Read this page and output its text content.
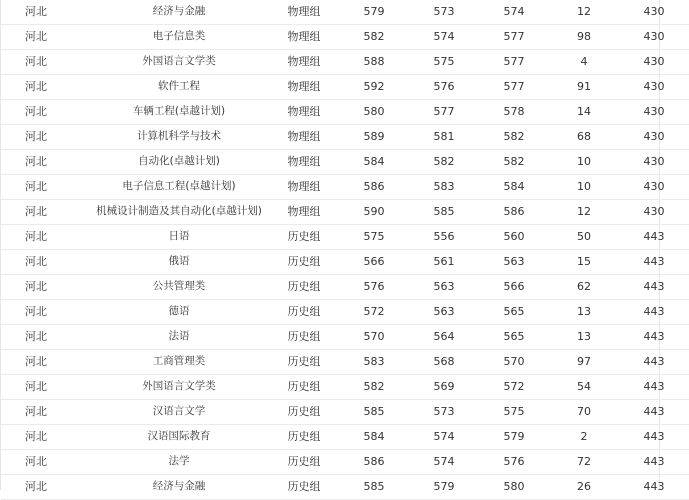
河北	经济与金融	物理组	579	573	574	12	430
河北	电子信息类	物理组	582	574	577	98	430
河北	外国语言文学类	物理组	588	575	577	4	430
河北	软件工程	物理组	592	576	577	91	430
河北	车辆工程(卓越计划)	物理组	580	577	578	14	430
河北	计算机科学与技术	物理组	589	581	582	68	430
河北	自动化(卓越计划)	物理组	584	582	582	10	430
河北	电子信息工程(卓越计划)	物理组	586	583	584	10	430
河北	机械设计制造及其自动化(卓越计划)	物理组	590	585	586	12	430
河北	日语	历史组	575	556	560	50	443
河北	俄语	历史组	566	561	563	15	443
河北	公共管理类	历史组	576	563	566	62	443
河北	德语	历史组	572	563	565	13	443
河北	法语	历史组	570	564	565	13	443
河北	工商管理类	历史组	583	568	570	97	443
河北	外国语言文学类	历史组	582	569	572	54	443
河北	汉语言文学	历史组	585	573	575	70	443
河北	汉语国际教育	历史组	584	574	579	2	443
河北	法学	历史组	586	574	576	72	443
河北	经济与金融	历史组	585	579	580	26	443
